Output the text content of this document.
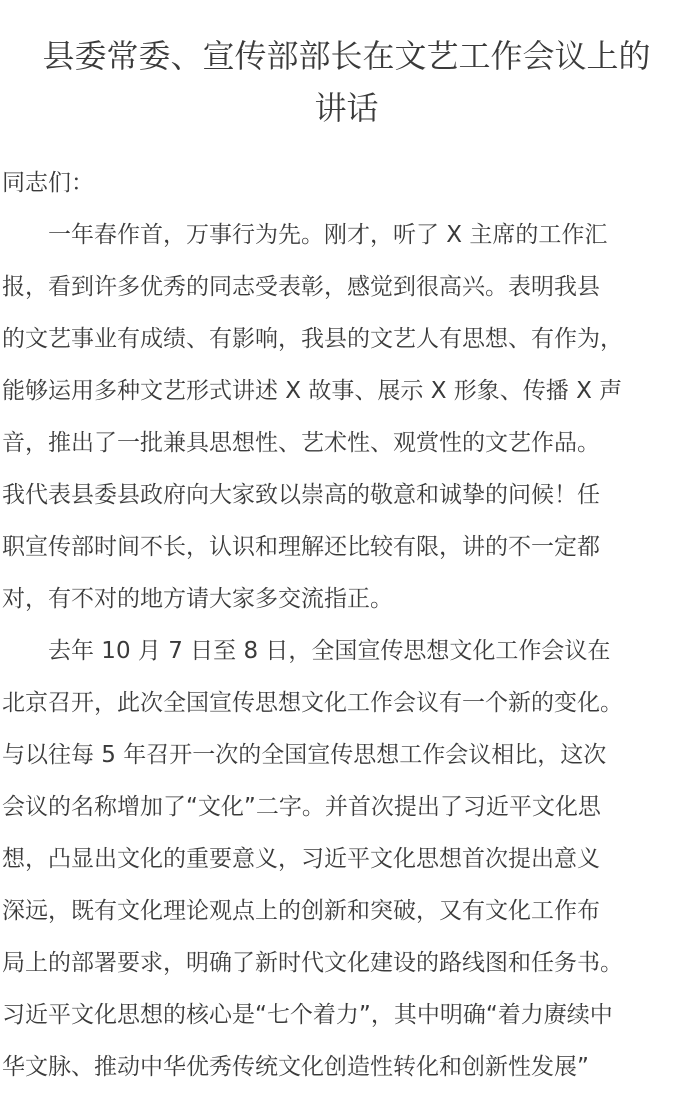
县委常委、宣传部部长在文艺工作会议上的
讲话
同志们：
　　一年春作首，万事行为先。刚才，听了 X 主席的工作汇
报，看到许多优秀的同志受表彰，感觉到很高兴。表明我县
的文艺事业有成绩、有影响，我县的文艺人有思想、有作为，
能够运用多种文艺形式讲述 X 故事、展示 X 形象、传播 X 声
音，推出了一批兼具思想性、艺术性、观赏性的文艺作品。
我代表县委县政府向大家致以崇高的敬意和诚挚的问候！任
职宣传部时间不长，认识和理解还比较有限，讲的不一定都
对，有不对的地方请大家多交流指正。
　　去年 10 月 7 日至 8 日，全国宣传思想文化工作会议在
北京召开，此次全国宣传思想文化工作会议有一个新的变化。
与以往每 5 年召开一次的全国宣传思想工作会议相比，这次
会议的名称增加了“文化”二字。并首次提出了习近平文化思
想，凸显出文化的重要意义，习近平文化思想首次提出意义
深远，既有文化理论观点上的创新和突破，又有文化工作布
局上的部署要求，明确了新时代文化建设的路线图和任务书。
习近平文化思想的核心是“七个着力”，其中明确“着力赓续中
华文脉、推动中华优秀传统文化创造性转化和创新性发展”
